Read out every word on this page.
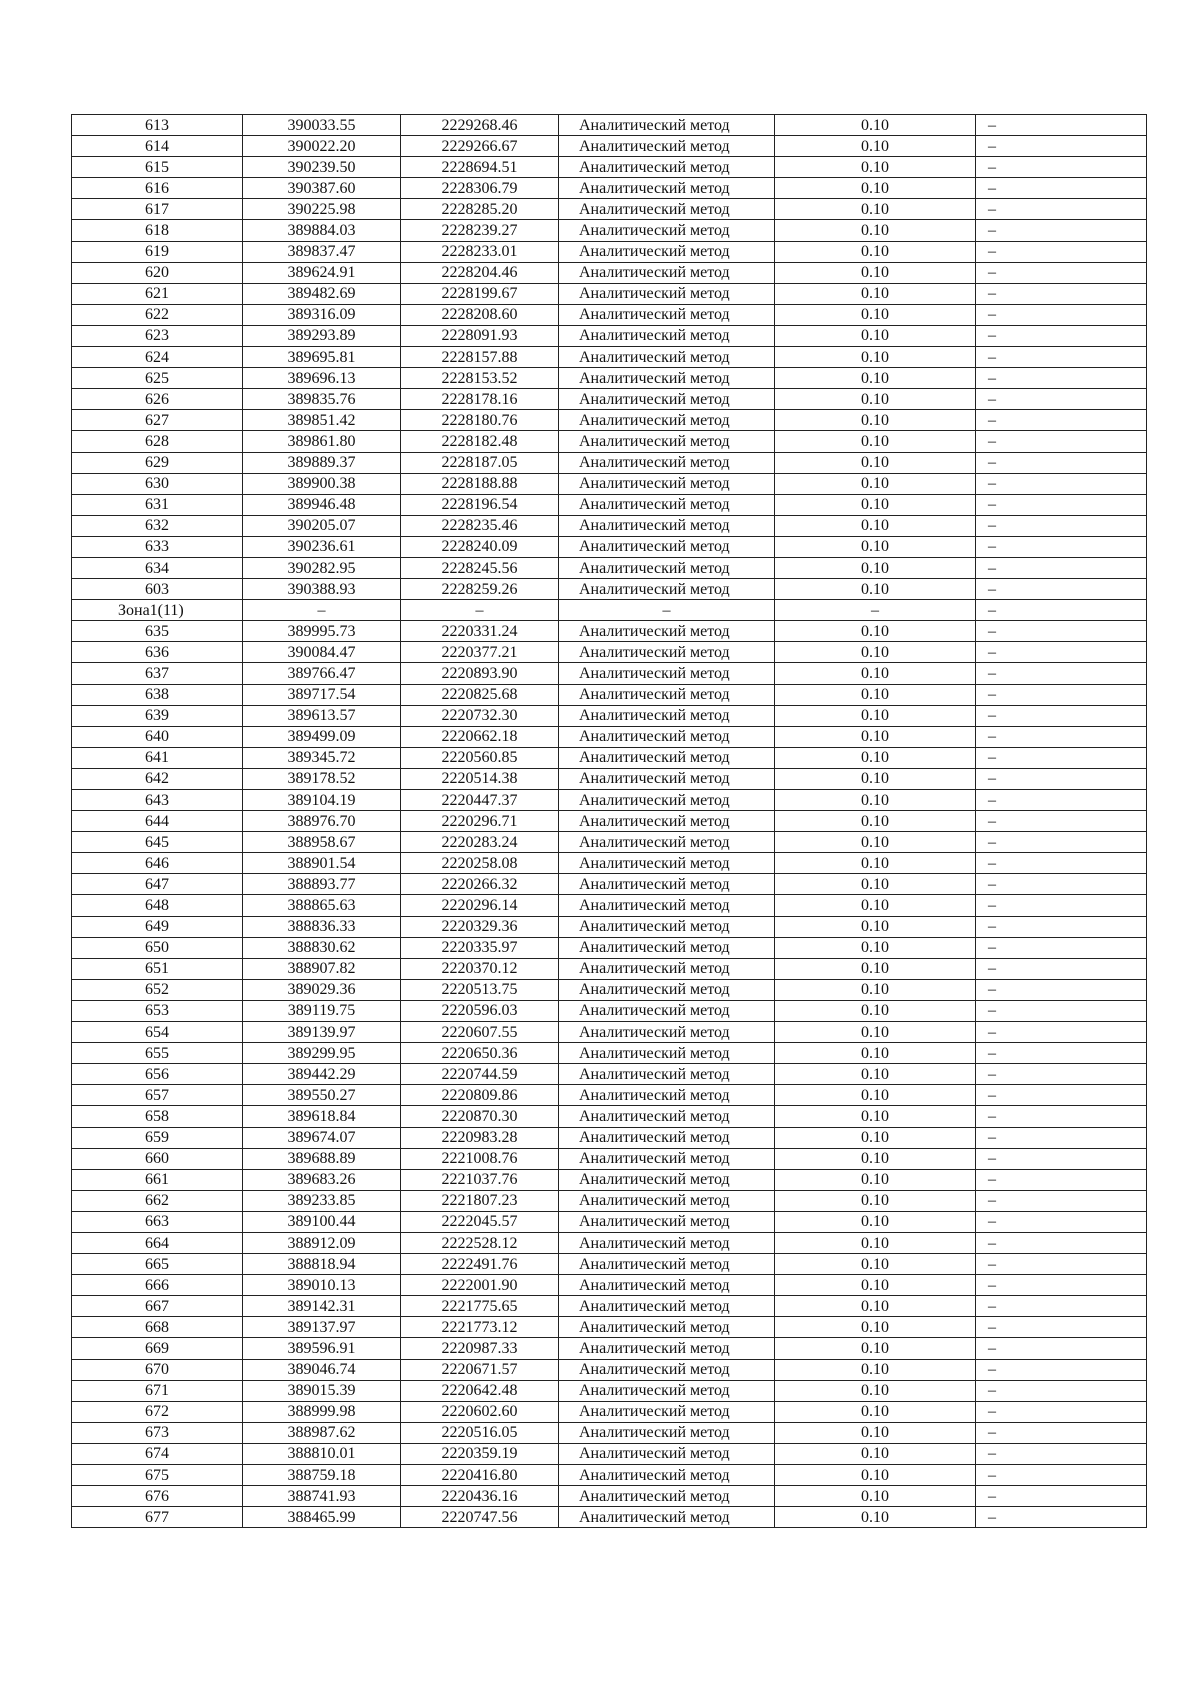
613	390033.55	2229268.46	Аналитический метод	0.10	–
614	390022.20	2229266.67	Аналитический метод	0.10	–
615	390239.50	2228694.51	Аналитический метод	0.10	–
616	390387.60	2228306.79	Аналитический метод	0.10	–
617	390225.98	2228285.20	Аналитический метод	0.10	–
618	389884.03	2228239.27	Аналитический метод	0.10	–
619	389837.47	2228233.01	Аналитический метод	0.10	–
620	389624.91	2228204.46	Аналитический метод	0.10	–
621	389482.69	2228199.67	Аналитический метод	0.10	–
622	389316.09	2228208.60	Аналитический метод	0.10	–
623	389293.89	2228091.93	Аналитический метод	0.10	–
624	389695.81	2228157.88	Аналитический метод	0.10	–
625	389696.13	2228153.52	Аналитический метод	0.10	–
626	389835.76	2228178.16	Аналитический метод	0.10	–
627	389851.42	2228180.76	Аналитический метод	0.10	–
628	389861.80	2228182.48	Аналитический метод	0.10	–
629	389889.37	2228187.05	Аналитический метод	0.10	–
630	389900.38	2228188.88	Аналитический метод	0.10	–
631	389946.48	2228196.54	Аналитический метод	0.10	–
632	390205.07	2228235.46	Аналитический метод	0.10	–
633	390236.61	2228240.09	Аналитический метод	0.10	–
634	390282.95	2228245.56	Аналитический метод	0.10	–
603	390388.93	2228259.26	Аналитический метод	0.10	–
Зона1(11)	–	–	–	–	–
635	389995.73	2220331.24	Аналитический метод	0.10	–
636	390084.47	2220377.21	Аналитический метод	0.10	–
637	389766.47	2220893.90	Аналитический метод	0.10	–
638	389717.54	2220825.68	Аналитический метод	0.10	–
639	389613.57	2220732.30	Аналитический метод	0.10	–
640	389499.09	2220662.18	Аналитический метод	0.10	–
641	389345.72	2220560.85	Аналитический метод	0.10	–
642	389178.52	2220514.38	Аналитический метод	0.10	–
643	389104.19	2220447.37	Аналитический метод	0.10	–
644	388976.70	2220296.71	Аналитический метод	0.10	–
645	388958.67	2220283.24	Аналитический метод	0.10	–
646	388901.54	2220258.08	Аналитический метод	0.10	–
647	388893.77	2220266.32	Аналитический метод	0.10	–
648	388865.63	2220296.14	Аналитический метод	0.10	–
649	388836.33	2220329.36	Аналитический метод	0.10	–
650	388830.62	2220335.97	Аналитический метод	0.10	–
651	388907.82	2220370.12	Аналитический метод	0.10	–
652	389029.36	2220513.75	Аналитический метод	0.10	–
653	389119.75	2220596.03	Аналитический метод	0.10	–
654	389139.97	2220607.55	Аналитический метод	0.10	–
655	389299.95	2220650.36	Аналитический метод	0.10	–
656	389442.29	2220744.59	Аналитический метод	0.10	–
657	389550.27	2220809.86	Аналитический метод	0.10	–
658	389618.84	2220870.30	Аналитический метод	0.10	–
659	389674.07	2220983.28	Аналитический метод	0.10	–
660	389688.89	2221008.76	Аналитический метод	0.10	–
661	389683.26	2221037.76	Аналитический метод	0.10	–
662	389233.85	2221807.23	Аналитический метод	0.10	–
663	389100.44	2222045.57	Аналитический метод	0.10	–
664	388912.09	2222528.12	Аналитический метод	0.10	–
665	388818.94	2222491.76	Аналитический метод	0.10	–
666	389010.13	2222001.90	Аналитический метод	0.10	–
667	389142.31	2221775.65	Аналитический метод	0.10	–
668	389137.97	2221773.12	Аналитический метод	0.10	–
669	389596.91	2220987.33	Аналитический метод	0.10	–
670	389046.74	2220671.57	Аналитический метод	0.10	–
671	389015.39	2220642.48	Аналитический метод	0.10	–
672	388999.98	2220602.60	Аналитический метод	0.10	–
673	388987.62	2220516.05	Аналитический метод	0.10	–
674	388810.01	2220359.19	Аналитический метод	0.10	–
675	388759.18	2220416.80	Аналитический метод	0.10	–
676	388741.93	2220436.16	Аналитический метод	0.10	–
677	388465.99	2220747.56	Аналитический метод	0.10	–
